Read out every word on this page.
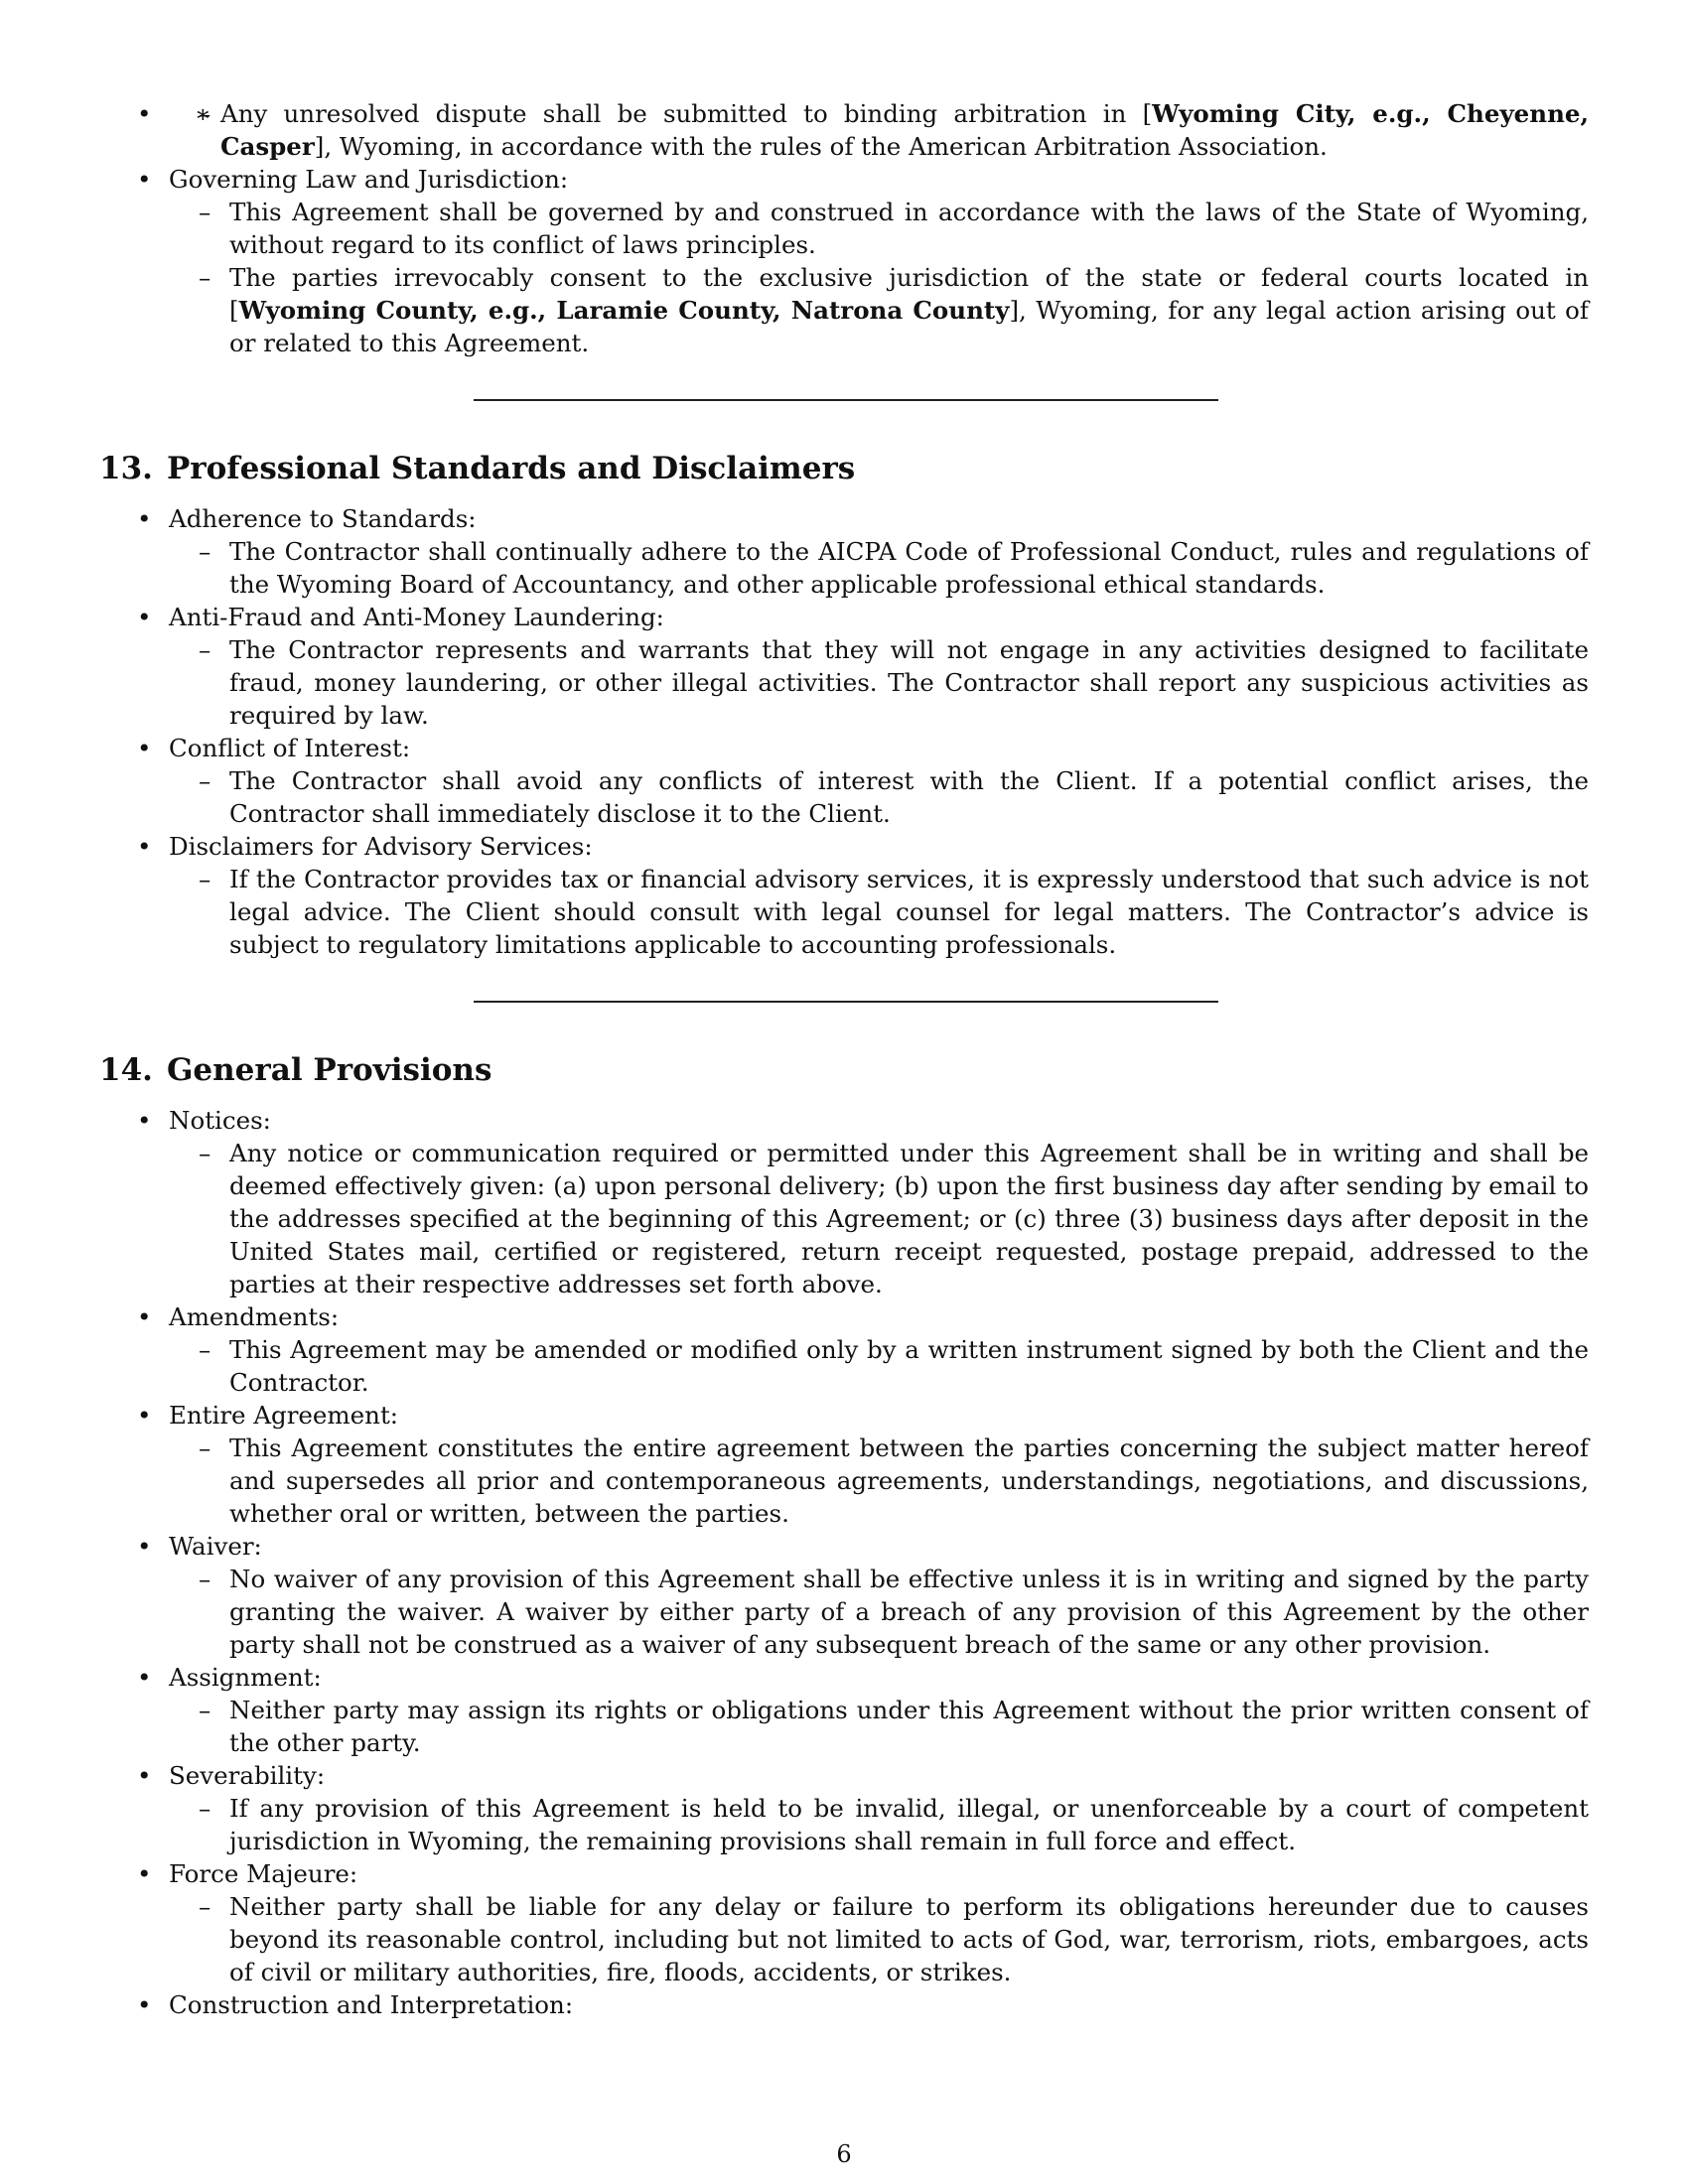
∗ – • Any unresolved dispute shall be submitted to binding arbitration in [Wyoming City, e.g., Cheyenne, Casper], Wyoming, in accordance with the rules of the American Arbitration Association.
• Governing Law and Jurisdiction:
– This Agreement shall be governed by and construed in accordance with the laws of the State of Wyoming, without regard to its conflict of laws principles.
– The parties irrevocably consent to the exclusive jurisdiction of the state or federal courts located in [Wyoming County, e.g., Laramie County, Natrona County], Wyoming, for any legal action arising out of or related to this Agreement.
13. Professional Standards and Disclaimers
• Adherence to Standards:
– The Contractor shall continually adhere to the AICPA Code of Professional Conduct, rules and regulations of the Wyoming Board of Accountancy, and other applicable professional ethical standards.
• Anti-Fraud and Anti-Money Laundering:
– The Contractor represents and warrants that they will not engage in any activities designed to facilitate fraud, money laundering, or other illegal activities. The Contractor shall report any suspicious activities as required by law.
• Conflict of Interest:
– The Contractor shall avoid any conflicts of interest with the Client. If a potential conflict arises, the Contractor shall immediately disclose it to the Client.
• Disclaimers for Advisory Services:
– If the Contractor provides tax or financial advisory services, it is expressly understood that such advice is not legal advice. The Client should consult with legal counsel for legal matters. The Contractor’s advice is subject to regulatory limitations applicable to accounting professionals.
14. General Provisions
• Notices:
– Any notice or communication required or permitted under this Agreement shall be in writing and shall be deemed effectively given: (a) upon personal delivery; (b) upon the first business day after sending by email to the addresses specified at the beginning of this Agreement; or (c) three (3) business days after deposit in the United States mail, certified or registered, return receipt requested, postage prepaid, addressed to the parties at their respective addresses set forth above.
• Amendments:
– This Agreement may be amended or modified only by a written instrument signed by both the Client and the Contractor.
• Entire Agreement:
– This Agreement constitutes the entire agreement between the parties concerning the subject matter hereof and supersedes all prior and contemporaneous agreements, understandings, negotiations, and discussions, whether oral or written, between the parties.
• Waiver:
– No waiver of any provision of this Agreement shall be effective unless it is in writing and signed by the party granting the waiver. A waiver by either party of a breach of any provision of this Agreement by the other party shall not be construed as a waiver of any subsequent breach of the same or any other provision.
• Assignment:
– Neither party may assign its rights or obligations under this Agreement without the prior written consent of the other party.
• Severability:
– If any provision of this Agreement is held to be invalid, illegal, or unenforceable by a court of competent jurisdiction in Wyoming, the remaining provisions shall remain in full force and effect.
• Force Majeure:
– Neither party shall be liable for any delay or failure to perform its obligations hereunder due to causes beyond its reasonable control, including but not limited to acts of God, war, terrorism, riots, embargoes, acts of civil or military authorities, fire, floods, accidents, or strikes.
• Construction and Interpretation:
6
